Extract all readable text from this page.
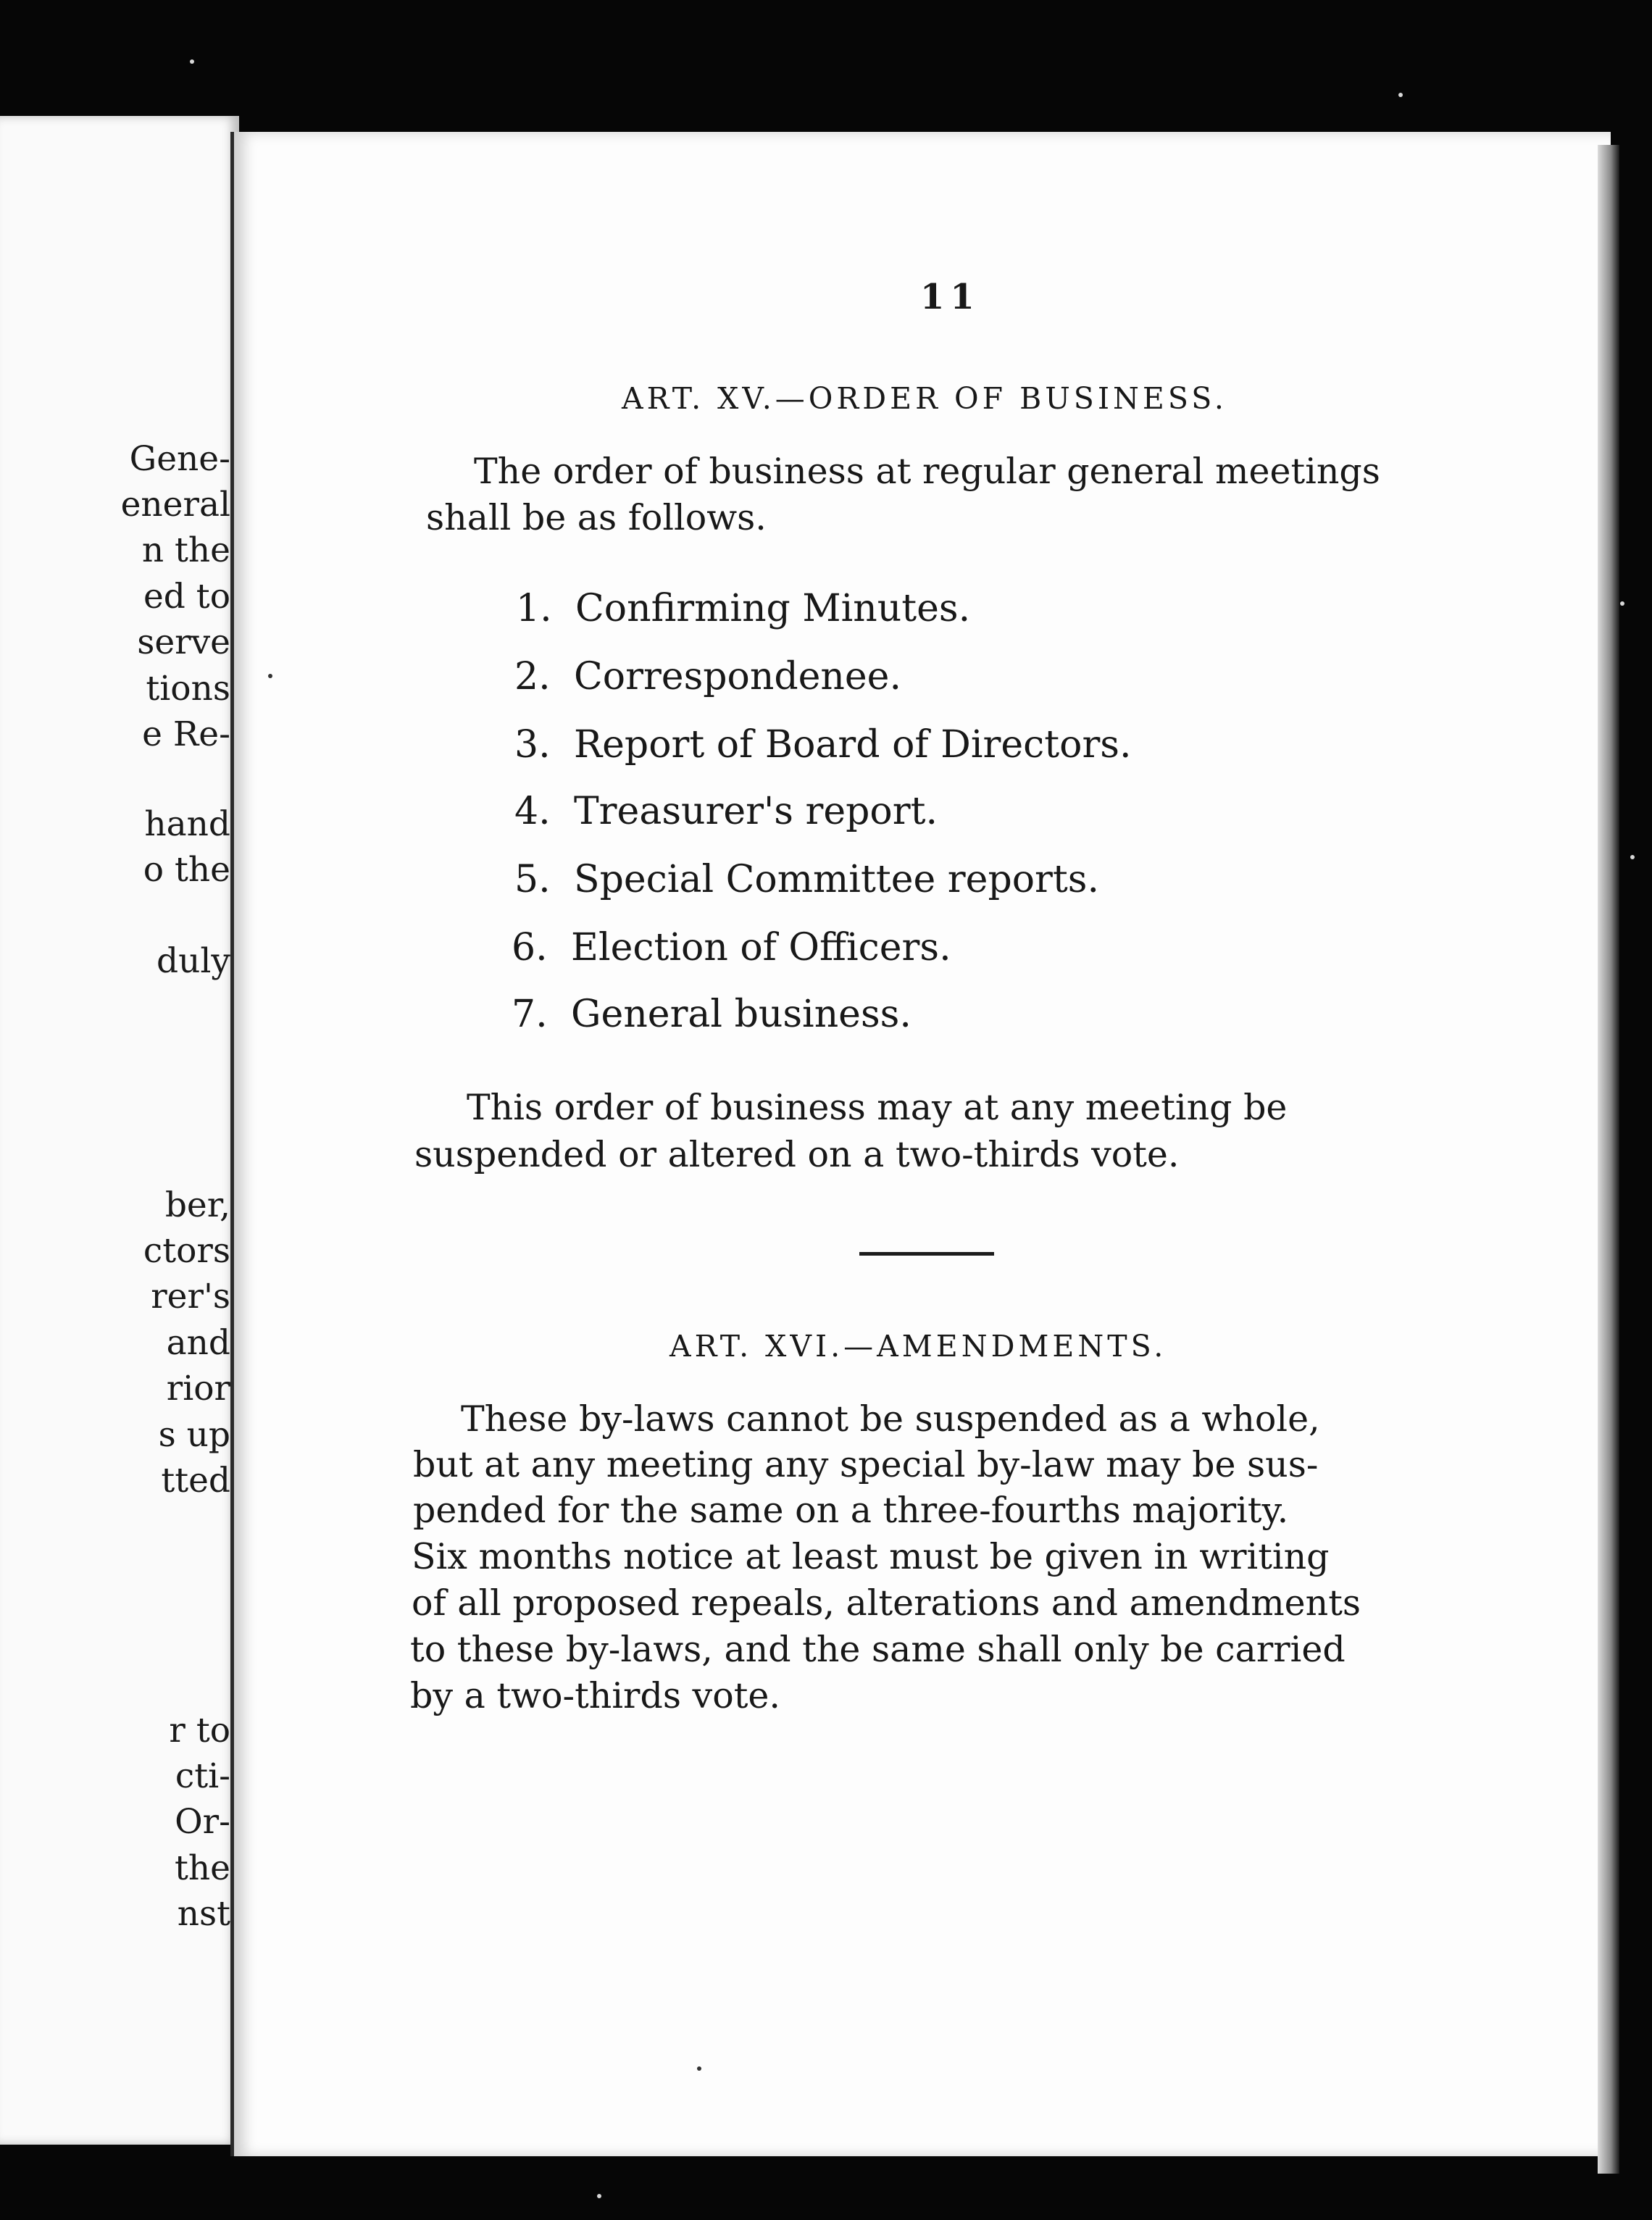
Gene-

eneral

n the

ed to

serve

tions

e Re-

hand

o the

duly

ber,

ctors

rer's

and

rior

s up

tted

r to

cti-

Or-

the

nst

11

ART. XV.—ORDER OF BUSINESS.

The order of business at regular general meetings

shall be as follows.

1. Confirming Minutes.

2. Correspondenee.

3. Report of Board of Directors.

4. Treasurer's report.

5. Special Committee reports.

6. Election of Officers.

7. General business.

This order of business may at any meeting be

suspended or altered on a two-thirds vote.

ART. XVI.—AMENDMENTS.

These by-laws cannot be suspended as a whole,

but at any meeting any special by-law may be sus-

pended for the same on a three-fourths majority.

Six months notice at least must be given in writing

of all proposed repeals, alterations and amendments

to these by-laws, and the same shall only be carried

by a two-thirds vote.
